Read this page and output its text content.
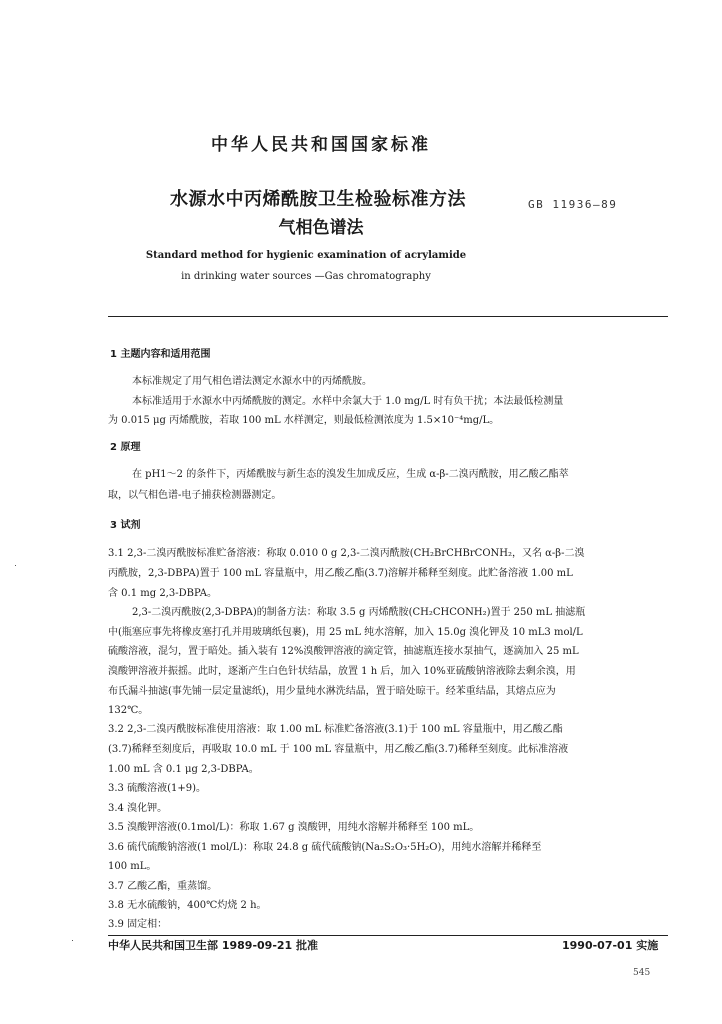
中华人民共和国国家标准
水源水中丙烯酰胺卫生检验标准方法
气相色谱法
GB 11936—89
Standard method for hygienic examination of acrylamide
in drinking water sources —Gas chromatography
1 主题内容和适用范围
本标准规定了用气相色谱法测定水源水中的丙烯酰胺。
本标准适用于水源水中丙烯酰胺的测定。水样中余氯大于 1.0 mg/L 时有负干扰；本法最低检测量
为 0.015 μg 丙烯酰胺，若取 100 mL 水样测定，则最低检测浓度为 1.5×10⁻⁴mg/L。
2 原理
在 pH1～2 的条件下，丙烯酰胺与新生态的溴发生加成反应，生成 α-β-二溴丙酰胺，用乙酸乙酯萃
取，以气相色谱-电子捕获检测器测定。
3 试剂
3.1 2,3-二溴丙酰胺标准贮备溶液：称取 0.010 0 g 2,3-二溴丙酰胺(CH₂BrCHBrCONH₂，又名 α-β-二溴
丙酰胺，2,3-DBPA)置于 100 mL 容量瓶中，用乙酸乙酯(3.7)溶解并稀释至刻度。此贮备溶液 1.00 mL
含 0.1 mg 2,3-DBPA。
2,3-二溴丙酰胺(2,3-DBPA)的制备方法：称取 3.5 g 丙烯酰胺(CH₂CHCONH₂)置于 250 mL 抽滤瓶
中(瓶塞应事先将橡皮塞打孔并用玻璃纸包裹)，用 25 mL 纯水溶解，加入 15.0g 溴化钾及 10 mL3 mol/L
硫酸溶液，混匀，置于暗处。插入装有 12%溴酸钾溶液的滴定管，抽滤瓶连接水泵抽气，逐滴加入 25 mL
溴酸钾溶液并振摇。此时，逐渐产生白色针状结晶，放置 1 h 后，加入 10%亚硫酸钠溶液除去剩余溴，用
布氏漏斗抽滤(事先铺一层定量滤纸)，用少量纯水淋洗结晶，置于暗处晾干。经苯重结晶，其熔点应为
132℃。
3.2 2,3-二溴丙酰胺标准使用溶液：取 1.00 mL 标准贮备溶液(3.1)于 100 mL 容量瓶中，用乙酸乙酯
(3.7)稀释至刻度后，再吸取 10.0 mL 于 100 mL 容量瓶中，用乙酸乙酯(3.7)稀释至刻度。此标准溶液
1.00 mL 含 0.1 μg 2,3-DBPA。
3.3 硫酸溶液(1+9)。
3.4 溴化钾。
3.5 溴酸钾溶液(0.1mol/L)：称取 1.67 g 溴酸钾，用纯水溶解并稀释至 100 mL。
3.6 硫代硫酸钠溶液(1 mol/L)：称取 24.8 g 硫代硫酸钠(Na₂S₂O₃·5H₂O)，用纯水溶解并稀释至
100 mL。
3.7 乙酸乙酯，重蒸馏。
3.8 无水硫酸钠，400℃灼烧 2 h。
3.9 固定相：
中华人民共和国卫生部 1989-09-21 批准	1990-07-01 实施
545
